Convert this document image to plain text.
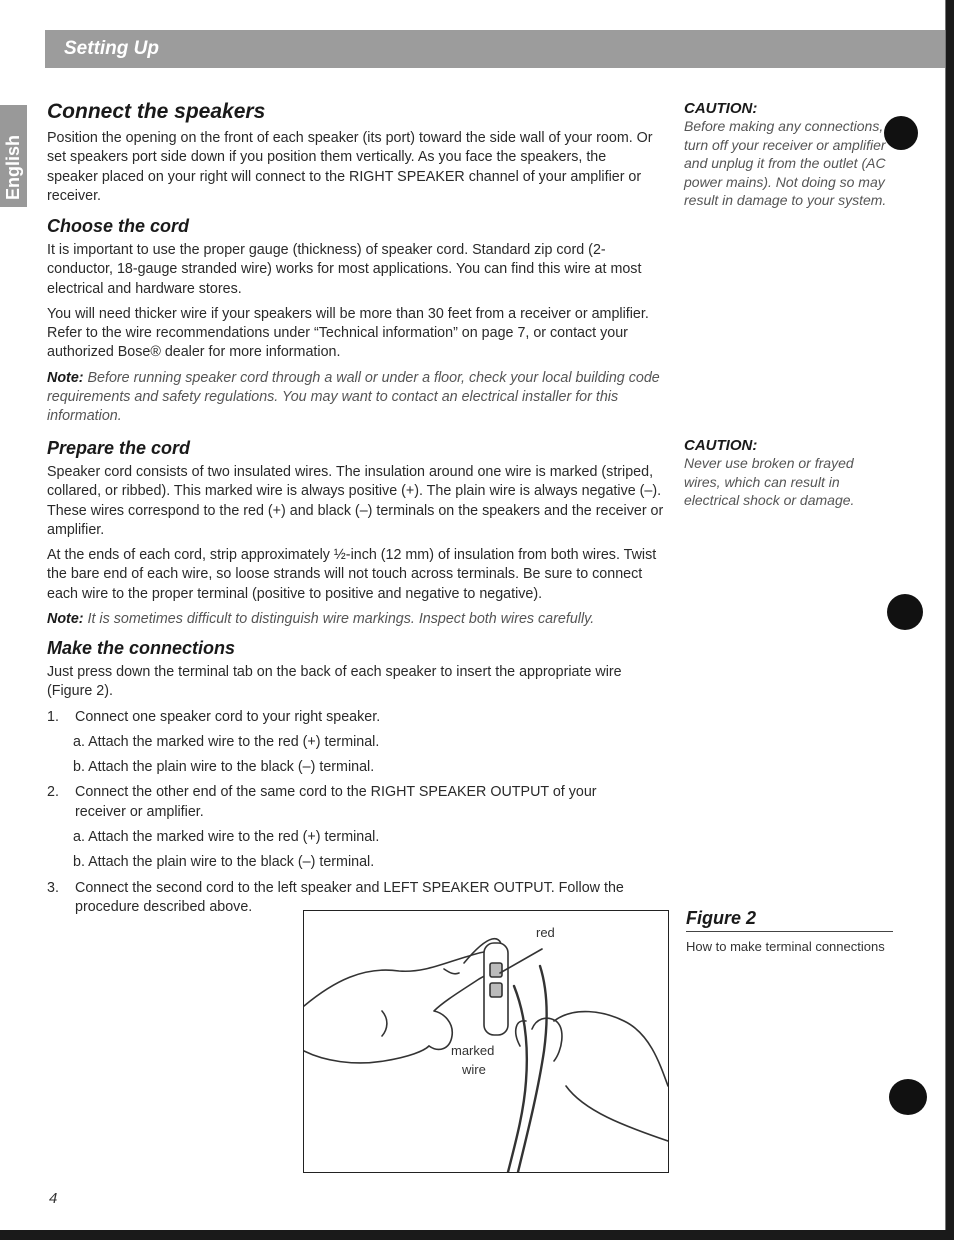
Setting Up
English
Connect the speakers

Position the opening on the front of each speaker (its port) toward the side wall of your room. Or set speakers port side down if you position them vertically. As you face the speakers, the speaker placed on your right will connect to the RIGHT SPEAKER channel of your amplifier or receiver.

Choose the cord

It is important to use the proper gauge (thickness) of speaker cord. Standard zip cord (2-conductor, 18-gauge stranded wire) works for most applications. You can find this wire at most electrical and hardware stores.

You will need thicker wire if your speakers will be more than 30 feet from a receiver or amplifier. Refer to the wire recommendations under “Technical information” on page 7, or contact your authorized Bose® dealer for more information.

Note: Before running speaker cord through a wall or under a floor, check your local building code requirements and safety regulations. You may want to contact an electrical installer for this information.

Prepare the cord

Speaker cord consists of two insulated wires. The insulation around one wire is marked (striped, collared, or ribbed). This marked wire is always positive (+). The plain wire is always negative (–). These wires correspond to the red (+) and black (–) terminals on the speakers and the receiver or amplifier.

At the ends of each cord, strip approximately ½-inch (12 mm) of insulation from both wires. Twist the bare end of each wire, so loose strands will not touch across terminals. Be sure to connect each wire to the proper terminal (positive to positive and negative to negative).

Note: It is sometimes difficult to distinguish wire markings. Inspect both wires carefully.

Make the connections

Just press down the terminal tab on the back of each speaker to insert the appropriate wire (Figure 2).

1.	Connect one speaker cord to your right speaker.
a. Attach the marked wire to the red (+) terminal.
b. Attach the plain wire to the black (–) terminal.
2.	Connect the other end of the same cord to the RIGHT SPEAKER OUTPUT of your receiver or amplifier.
a. Attach the marked wire to the red (+) terminal.
b. Attach the plain wire to the black (–) terminal.
3.	Connect the second cord to the left speaker and LEFT SPEAKER OUTPUT. Follow the procedure described above.
CAUTION:
Before making any connections, turn off your receiver or amplifier and unplug it from the outlet (AC power mains). Not doing so may result in damage to your system.
CAUTION:
Never use broken or frayed wires, which can result in electrical shock or damage.
Figure 2
How to make terminal connections
red
marked
wire
4
